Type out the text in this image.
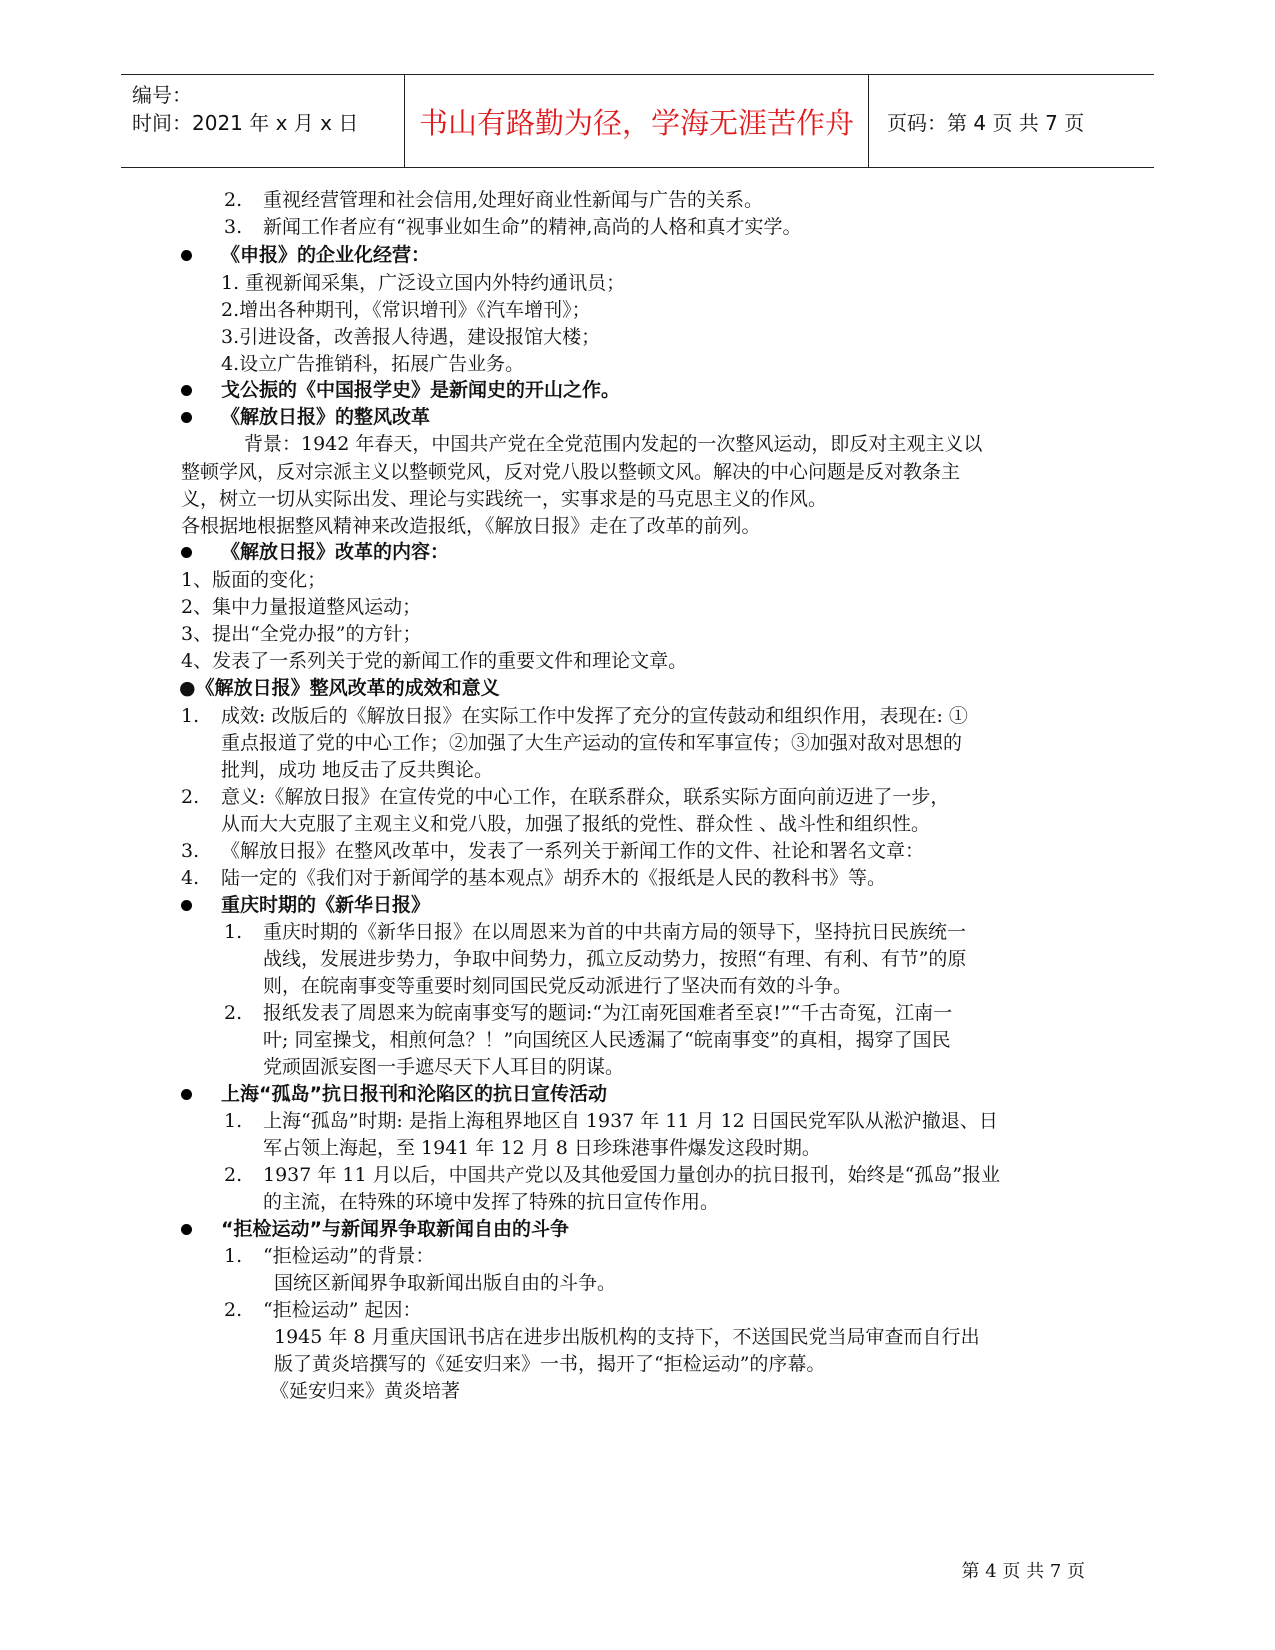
编号：
时间：2021 年 x 月 x 日	书山有路勤为径，学海无涯苦作舟	页码：第 4 页 共 7 页
2. 重视经营管理和社会信用,处理好商业性新闻与广告的关系。
3. 新闻工作者应有“视事业如生命”的精神,高尚的人格和真才实学。
《申报》的企业化经营：
1. 重视新闻采集，广泛设立国内外特约通讯员；
2.增出各种期刊，《常识增刊》《汽车增刊》；
3.引进设备，改善报人待遇，建设报馆大楼；
4.设立广告推销科，拓展广告业务。
戈公振的《中国报学史》是新闻史的开山之作。
《解放日报》的整风改革
背景：1942 年春天，中国共产党在全党范围内发起的一次整风运动，即反对主观主义以
整顿学风，反对宗派主义以整顿党风，反对党八股以整顿文风。解决的中心问题是反对教条主
义，树立一切从实际出发、理论与实践统一，实事求是的马克思主义的作风。
各根据地根据整风精神来改造报纸，《解放日报》走在了改革的前列。
《解放日报》改革的内容：
1、版面的变化；
2、集中力量报道整风运动；
3、提出“全党办报”的方针；
4、发表了一系列关于党的新闻工作的重要文件和理论文章。
●《解放日报》整风改革的成效和意义
1. 成效: 改版后的《解放日报》在实际工作中发挥了充分的宣传鼓动和组织作用，表现在: ①
重点报道了党的中心工作；②加强了大生产运动的宣传和军事宣传；③加强对敌对思想的
批判，成功 地反击了反共舆论。
2. 意义:《解放日报》在宣传党的中心工作，在联系群众，联系实际方面向前迈进了一步，
从而大大克服了主观主义和党八股，加强了报纸的党性、群众性 、战斗性和组织性。
3. 《解放日报》在整风改革中，发表了一系列关于新闻工作的文件、社论和署名文章：
4. 陆一定的《我们对于新闻学的基本观点》胡乔木的《报纸是人民的教科书》等。
重庆时期的《新华日报》
1. 重庆时期的《新华日报》在以周恩来为首的中共南方局的领导下，坚持抗日民族统一
战线，发展进步势力，争取中间势力，孤立反动势力，按照“有理、有利、有节”的原
则，在皖南事变等重要时刻同国民党反动派进行了坚决而有效的斗争。
2. 报纸发表了周恩来为皖南事变写的题词:“为江南死国难者至哀!”“千古奇冤，江南一
叶; 同室操戈，相煎何急？！”向国统区人民透漏了“皖南事变”的真相，揭穿了国民
党顽固派妄图一手遮尽天下人耳目的阴谋。
上海“孤岛”抗日报刊和沦陷区的抗日宣传活动
1. 上海“孤岛”时期: 是指上海租界地区自 1937 年 11 月 12 日国民党军队从淞沪撤退、日
军占领上海起，至 1941 年 12 月 8 日珍珠港事件爆发这段时期。
2. 1937 年 11 月以后，中国共产党以及其他爱国力量创办的抗日报刊，始终是“孤岛”报业
的主流，在特殊的环境中发挥了特殊的抗日宣传作用。
“拒检运动”与新闻界争取新闻自由的斗争
1. “拒检运动”的背景：
国统区新闻界争取新闻出版自由的斗争。
2. “拒检运动” 起因：
1945 年 8 月重庆国讯书店在进步出版机构的支持下，不送国民党当局审查而自行出
版了黄炎培撰写的《延安归来》一书，揭开了“拒检运动”的序幕。
《延安归来》黄炎培著
第 4 页 共 7 页
